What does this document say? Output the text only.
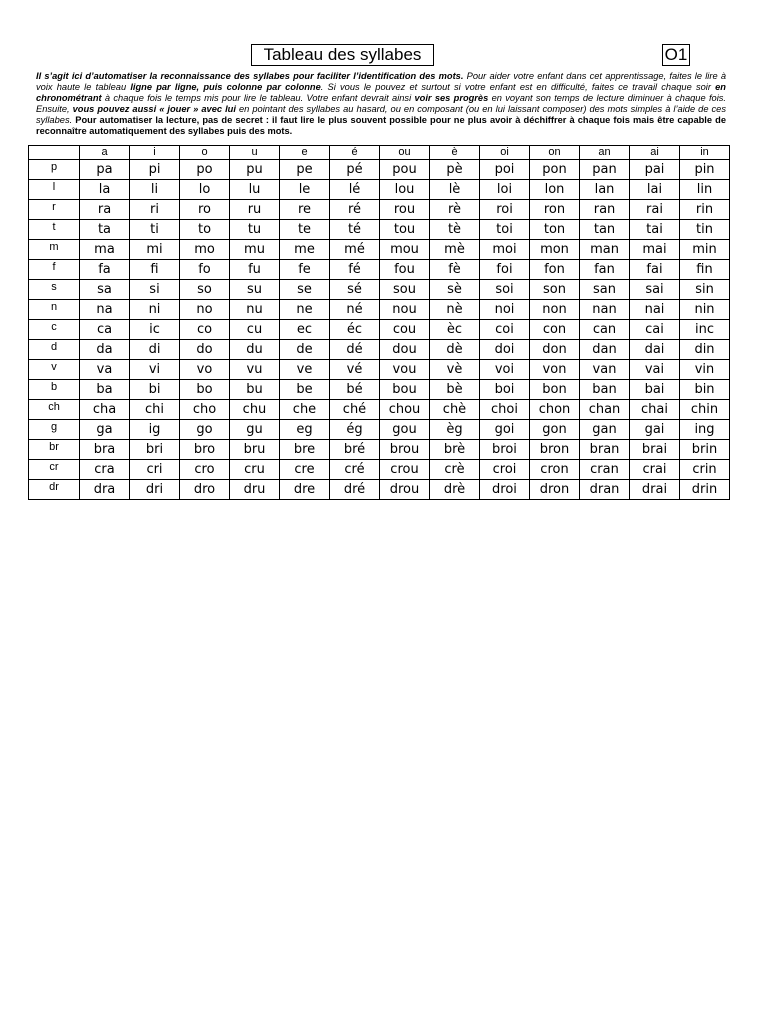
Tableau des syllabes	O1
Il s’agit ici d’automatiser la reconnaissance des syllabes pour faciliter l’identification des mots. Pour aider votre enfant dans cet apprentissage, faites le lire à voix haute le tableau ligne par ligne, puis colonne par colonne. Si vous le pouvez et surtout si votre enfant est en difficulté, faites ce travail chaque soir en chronométrant à chaque fois le temps mis pour lire le tableau. Votre enfant devrait ainsi voir ses progrès en voyant son temps de lecture diminuer à chaque fois. Ensuite, vous pouvez aussi « jouer » avec lui en pointant des syllabes au hasard, ou en composant (ou en lui laissant composer) des mots simples à l’aide de ces syllabes. Pour automatiser la lecture, pas de secret : il faut lire le plus souvent possible pour ne plus avoir à déchiffrer à chaque fois mais être capable de reconnaître automatiquement des syllabes puis des mots.
	a	i	o	u	e	é	ou	è	oi	on	an	ai	in
p	pa	pi	po	pu	pe	pé	pou	pè	poi	pon	pan	pai	pin
l	la	li	lo	lu	le	lé	lou	lè	loi	lon	lan	lai	lin
r	ra	ri	ro	ru	re	ré	rou	rè	roi	ron	ran	rai	rin
t	ta	ti	to	tu	te	té	tou	tè	toi	ton	tan	tai	tin
m	ma	mi	mo	mu	me	mé	mou	mè	moi	mon	man	mai	min
f	fa	fi	fo	fu	fe	fé	fou	fè	foi	fon	fan	fai	fin
s	sa	si	so	su	se	sé	sou	sè	soi	son	san	sai	sin
n	na	ni	no	nu	ne	né	nou	nè	noi	non	nan	nai	nin
c	ca	ic	co	cu	ec	éc	cou	èc	coi	con	can	cai	inc
d	da	di	do	du	de	dé	dou	dè	doi	don	dan	dai	din
v	va	vi	vo	vu	ve	vé	vou	vè	voi	von	van	vai	vin
b	ba	bi	bo	bu	be	bé	bou	bè	boi	bon	ban	bai	bin
ch	cha	chi	cho	chu	che	ché	chou	chè	choi	chon	chan	chai	chin
g	ga	ig	go	gu	eg	ég	gou	èg	goi	gon	gan	gai	ing
br	bra	bri	bro	bru	bre	bré	brou	brè	broi	bron	bran	brai	brin
cr	cra	cri	cro	cru	cre	cré	crou	crè	croi	cron	cran	crai	crin
dr	dra	dri	dro	dru	dre	dré	drou	drè	droi	dron	dran	drai	drin
